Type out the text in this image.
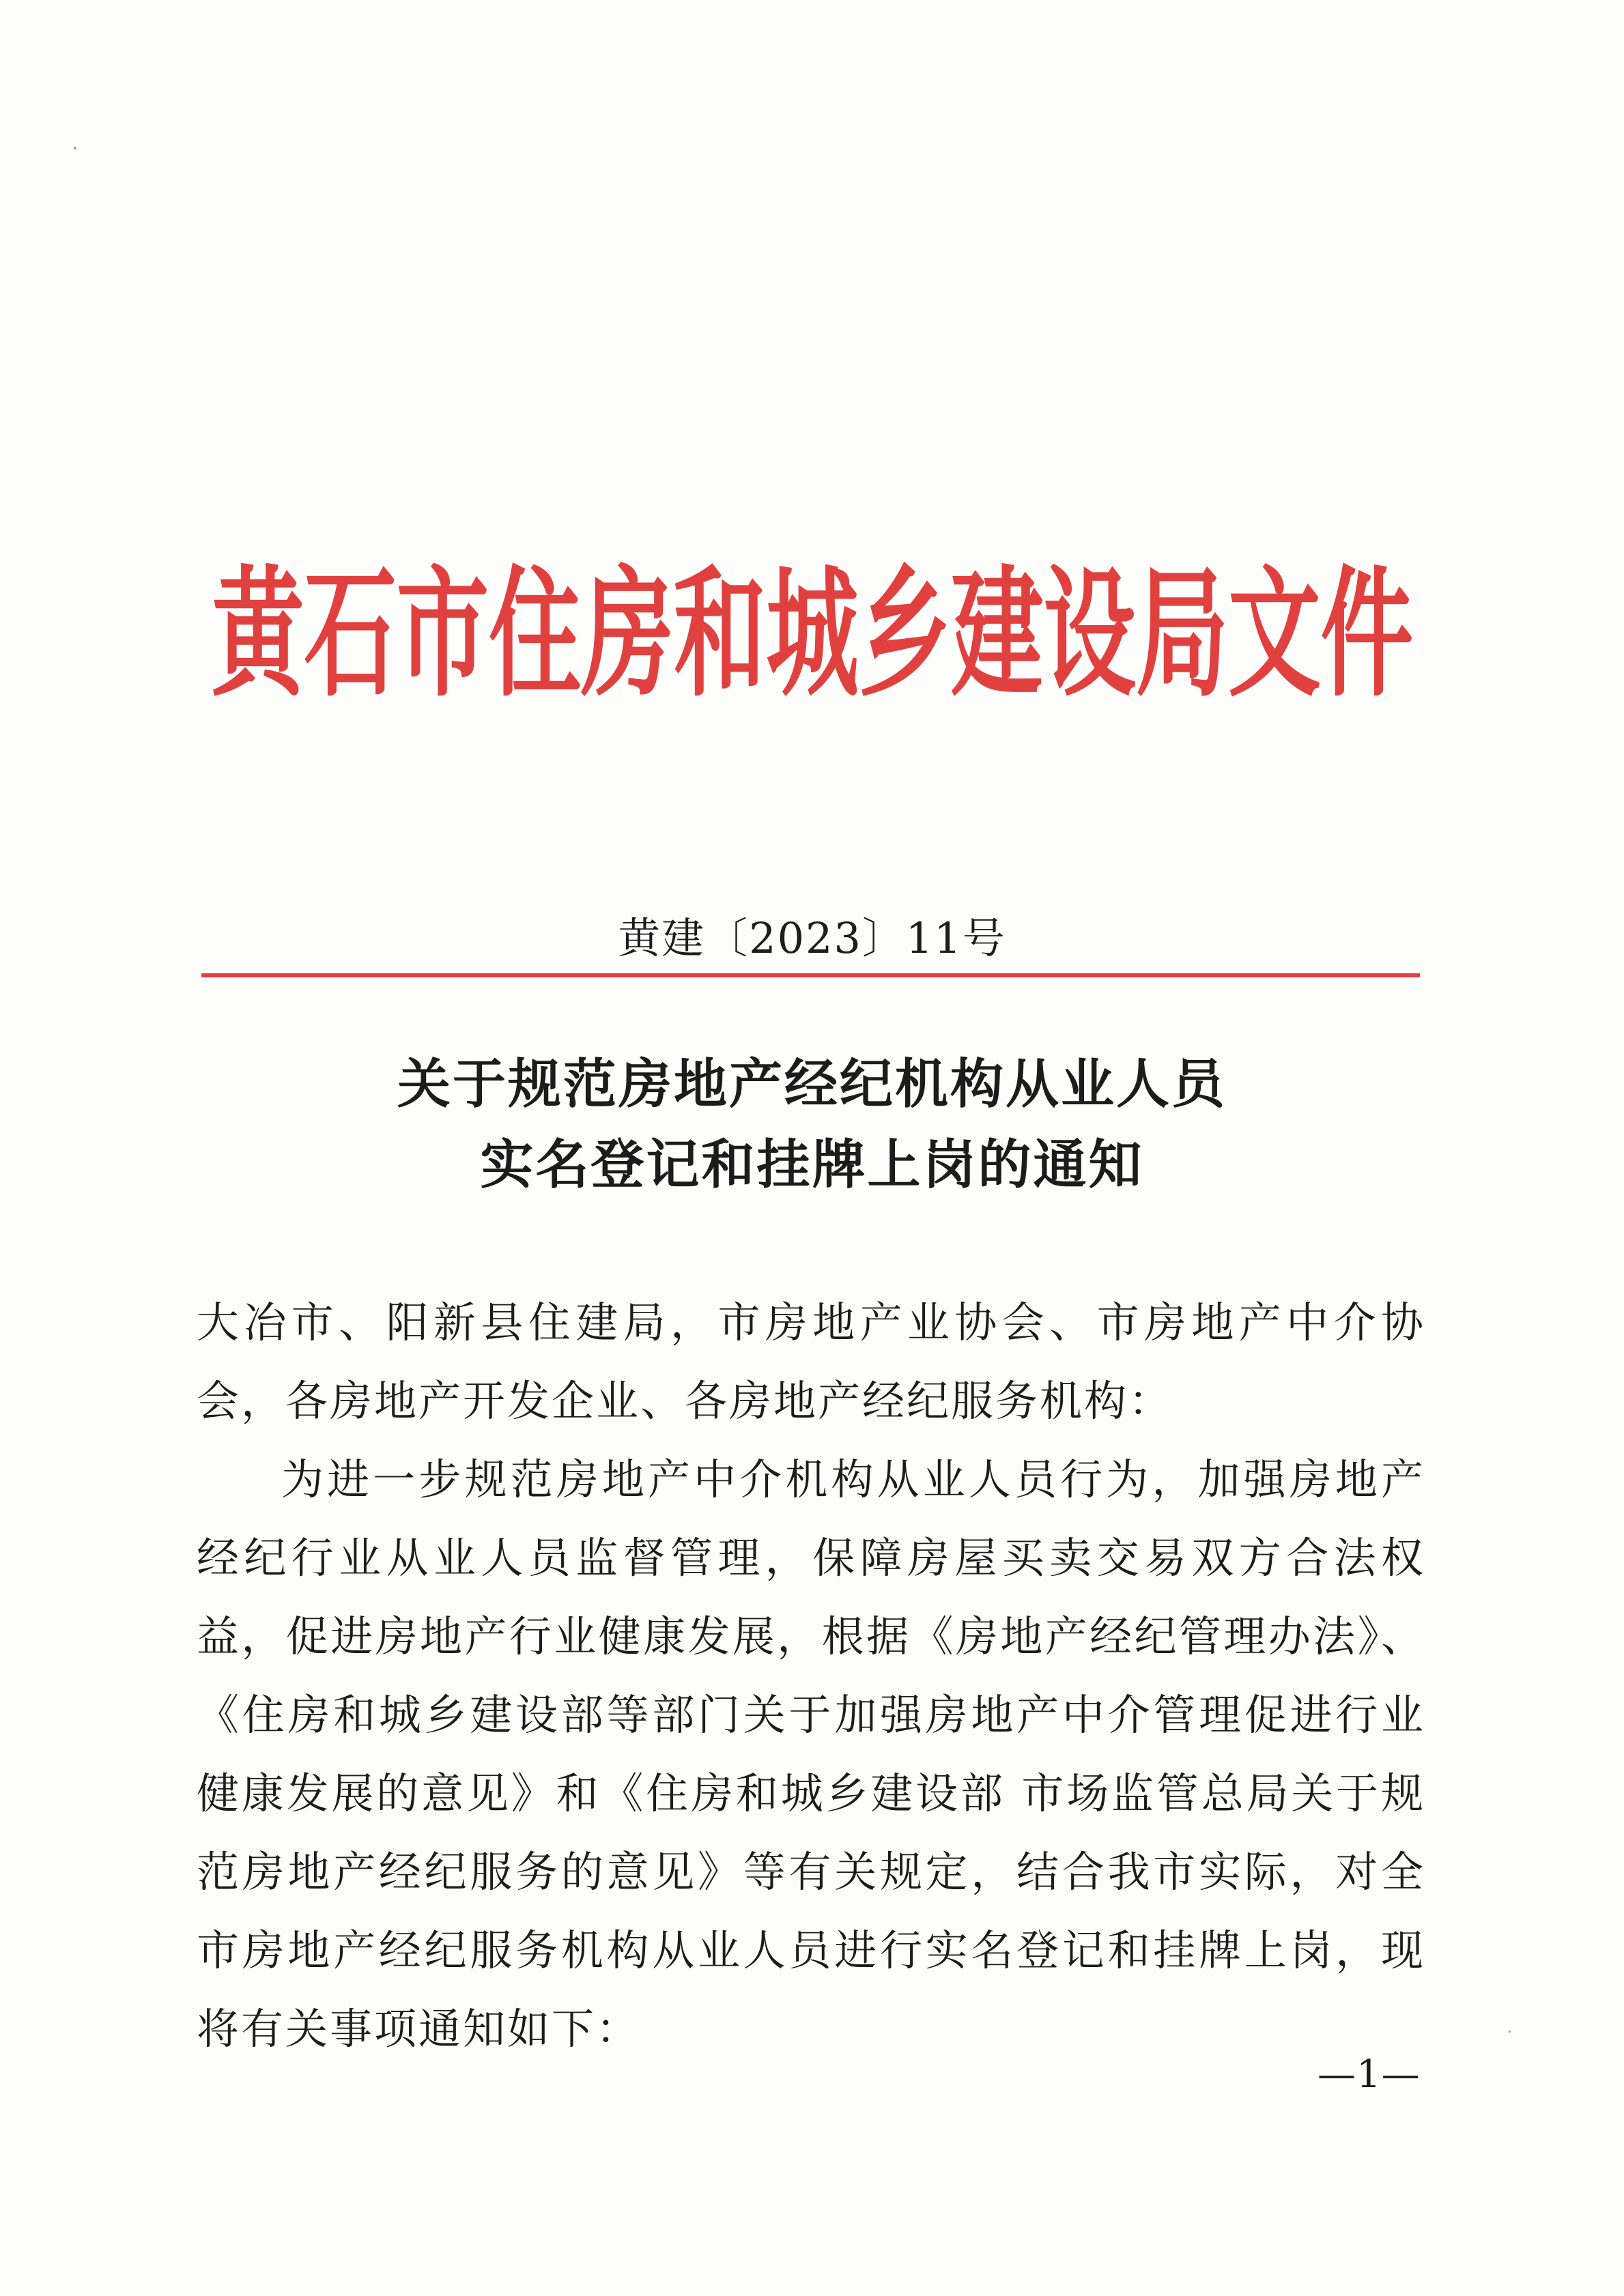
黄石市住房和城乡建设局文件
黄建〔2023〕11号
关于规范房地产经纪机构从业人员
实名登记和挂牌上岗的通知

大冶市、阳新县住建局，市房地产业协会、市房地产中介协会，各房地产开发企业、各房地产经纪服务机构：

为进一步规范房地产中介机构从业人员行为，加强房地产经纪行业从业人员监督管理，保障房屋买卖交易双方合法权益，促进房地产行业健康发展，根据《房地产经纪管理办法》、《住房和城乡建设部等部门关于加强房地产中介管理促进行业健康发展的意见》和《住房和城乡建设部 市场监管总局关于规范房地产经纪服务的意见》等有关规定，结合我市实际，对全市房地产经纪服务机构从业人员进行实名登记和挂牌上岗，现将有关事项通知如下：

—1—
